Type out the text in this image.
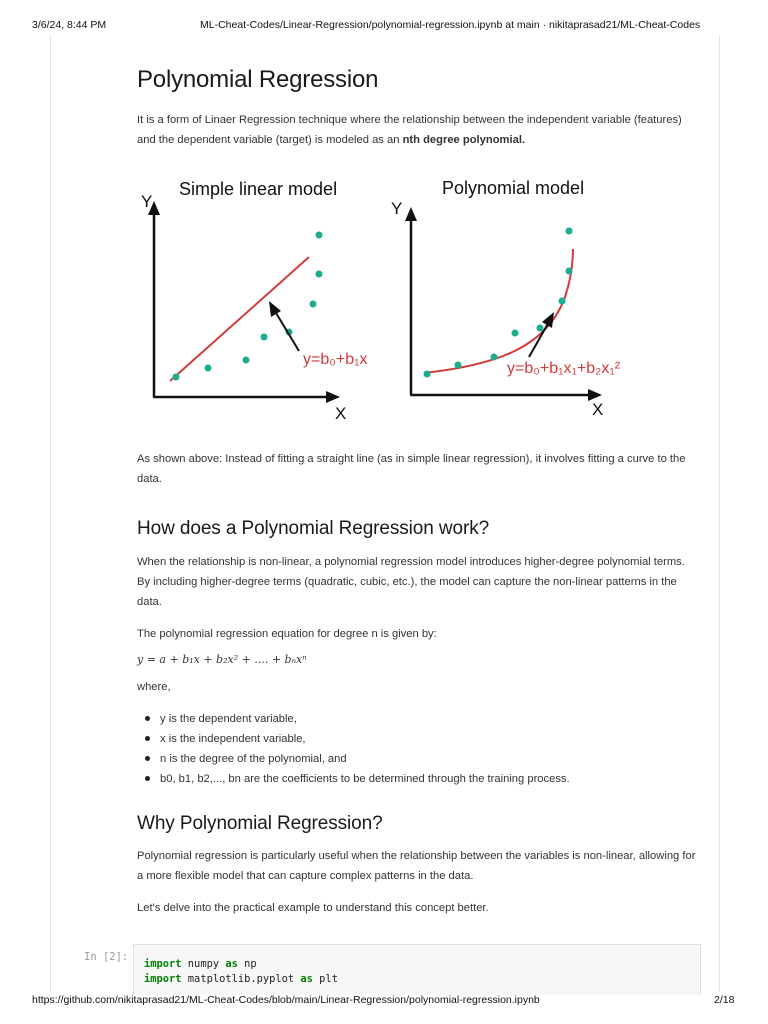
3/6/24, 8:44 PM	ML-Cheat-Codes/Linear-Regression/polynomial-regression.ipynb at main · nikitaprasad21/ML-Cheat-Codes
Polynomial Regression

It is a form of Linaer Regression technique where the relationship between the independent variable (features) and the dependent variable (target) is modeled as an nth degree polynomial.

Simple linear model
Y
X
y=b₀+b₁x
Polynomial model
Y
X
y=b₀+b₁x₁+b₂x₁²

As shown above: Instead of fitting a straight line (as in simple linear regression), it involves fitting a curve to the data.

How does a Polynomial Regression work?

When the relationship is non-linear, a polynomial regression model introduces higher-degree polynomial terms. By including higher-degree terms (quadratic, cubic, etc.), the model can capture the non-linear patterns in the data.

The polynomial regression equation for degree n is given by:

y = a + b₁x + b₂x² + .... + bₙxⁿ

where,

y is the dependent variable,
x is the independent variable,
n is the degree of the polynomial, and
b0, b1, b2,..., bn are the coefficients to be determined through the training process.
Why Polynomial Regression?

Polynomial regression is particularly useful when the relationship between the variables is non-linear, allowing for a more flexible model that can capture complex patterns in the data.

Let's delve into the practical example to understand this concept better.

In [2]:
import numpy as np
import matplotlib.pyplot as plt
https://github.com/nikitaprasad21/ML-Cheat-Codes/blob/main/Linear-Regression/polynomial-regression.ipynb	2/18
